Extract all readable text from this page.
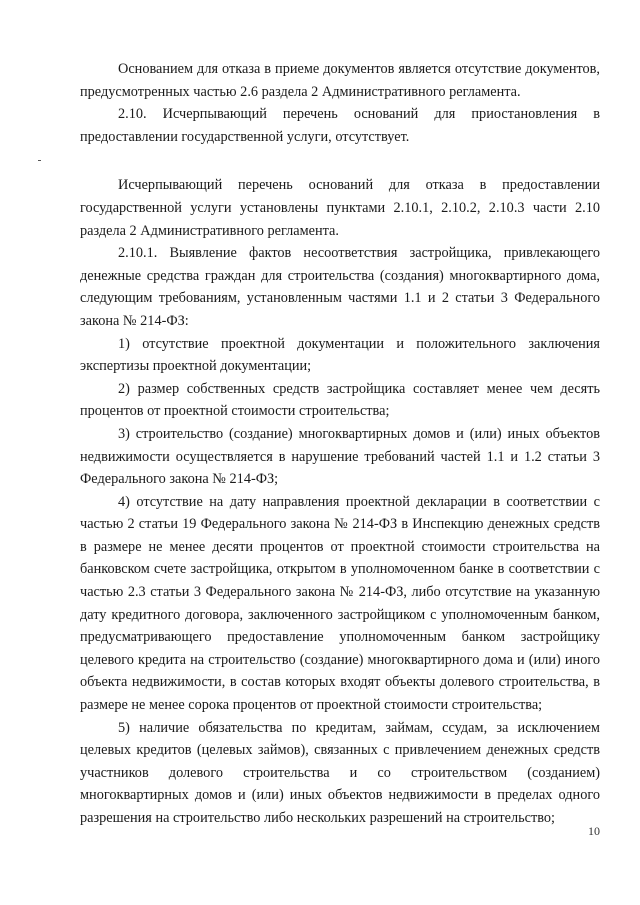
Основанием для отказа в приеме документов является отсутствие документов, предусмотренных частью 2.6 раздела 2 Административного регламента.

2.10. Исчерпывающий перечень оснований для приостановления в предоставлении государственной услуги, отсутствует.

Исчерпывающий перечень оснований для отказа в предоставлении государственной услуги установлены пунктами 2.10.1, 2.10.2, 2.10.3 части 2.10 раздела 2 Административного регламента.

2.10.1. Выявление фактов несоответствия застройщика, привлекающего денежные средства граждан для строительства (создания) многоквартирного дома, следующим требованиям, установленным частями 1.1 и 2 статьи 3 Федерального закона № 214-ФЗ:

1) отсутствие проектной документации и положительного заключения экспертизы проектной документации;

2) размер собственных средств застройщика составляет менее чем десять процентов от проектной стоимости строительства;

3) строительство (создание) многоквартирных домов и (или) иных объектов недвижимости осуществляется в нарушение требований частей 1.1 и 1.2 статьи 3 Федерального закона № 214-ФЗ;

4) отсутствие на дату направления проектной декларации в соответствии с частью 2 статьи 19 Федерального закона № 214-ФЗ в Инспекцию денежных средств в размере не менее десяти процентов от проектной стоимости строительства на банковском счете застройщика, открытом в уполномоченном банке в соответствии с частью 2.3 статьи 3 Федерального закона № 214-ФЗ, либо отсутствие на указанную дату кредитного договора, заключенного застройщиком с уполномоченным банком, предусматривающего предоставление уполномоченным банком застройщику целевого кредита на строительство (создание) многоквартирного дома и (или) иного объекта недвижимости, в состав которых входят объекты долевого строительства, в размере не менее сорока процентов от проектной стоимости строительства;

5) наличие обязательства по кредитам, займам, ссудам, за исключением целевых кредитов (целевых займов), связанных с привлечением денежных средств участников долевого строительства и со строительством (созданием) многоквартирных домов и (или) иных объектов недвижимости в пределах одного разрешения на строительство либо нескольких разрешений на строительство;

10
